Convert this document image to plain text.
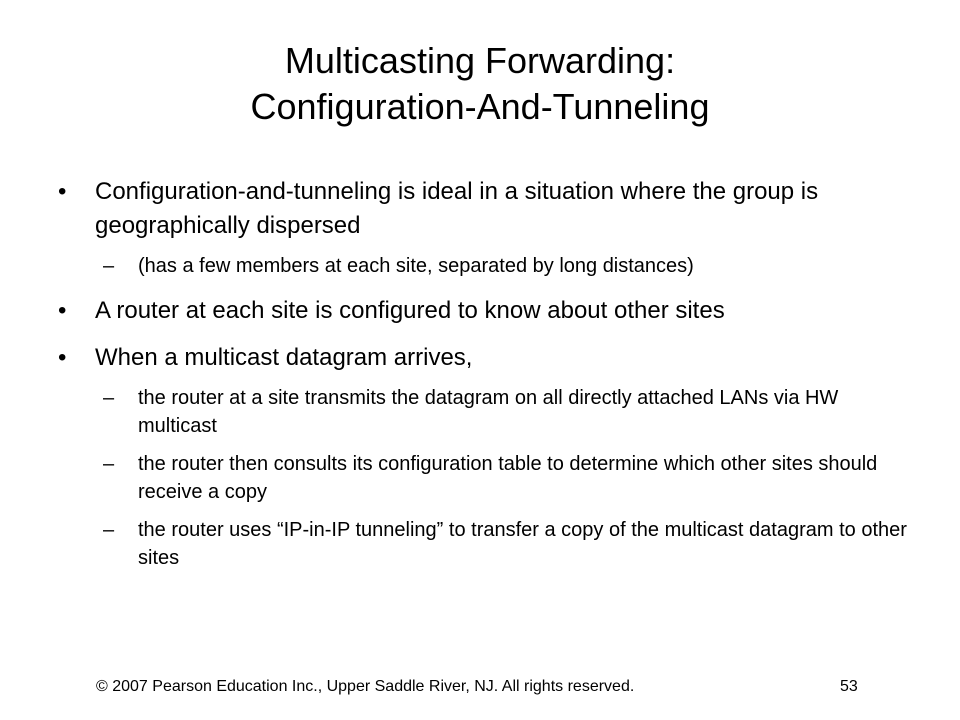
Multicasting Forwarding:
Configuration-And-Tunneling
• Configuration-and-tunneling is ideal in a situation where the group is geographically dispersed
– (has a few members at each site, separated by long distances)
• A router at each site is configured to know about other sites
• When a multicast datagram arrives,
– the router at a site transmits the datagram on all directly attached LANs via HW multicast
– the router then consults its configuration table to determine which other sites should receive a copy
– the router uses “IP-in-IP tunneling” to transfer a copy of the multicast datagram to other sites
© 2007 Pearson Education Inc., Upper Saddle River, NJ. All rights reserved.	53
